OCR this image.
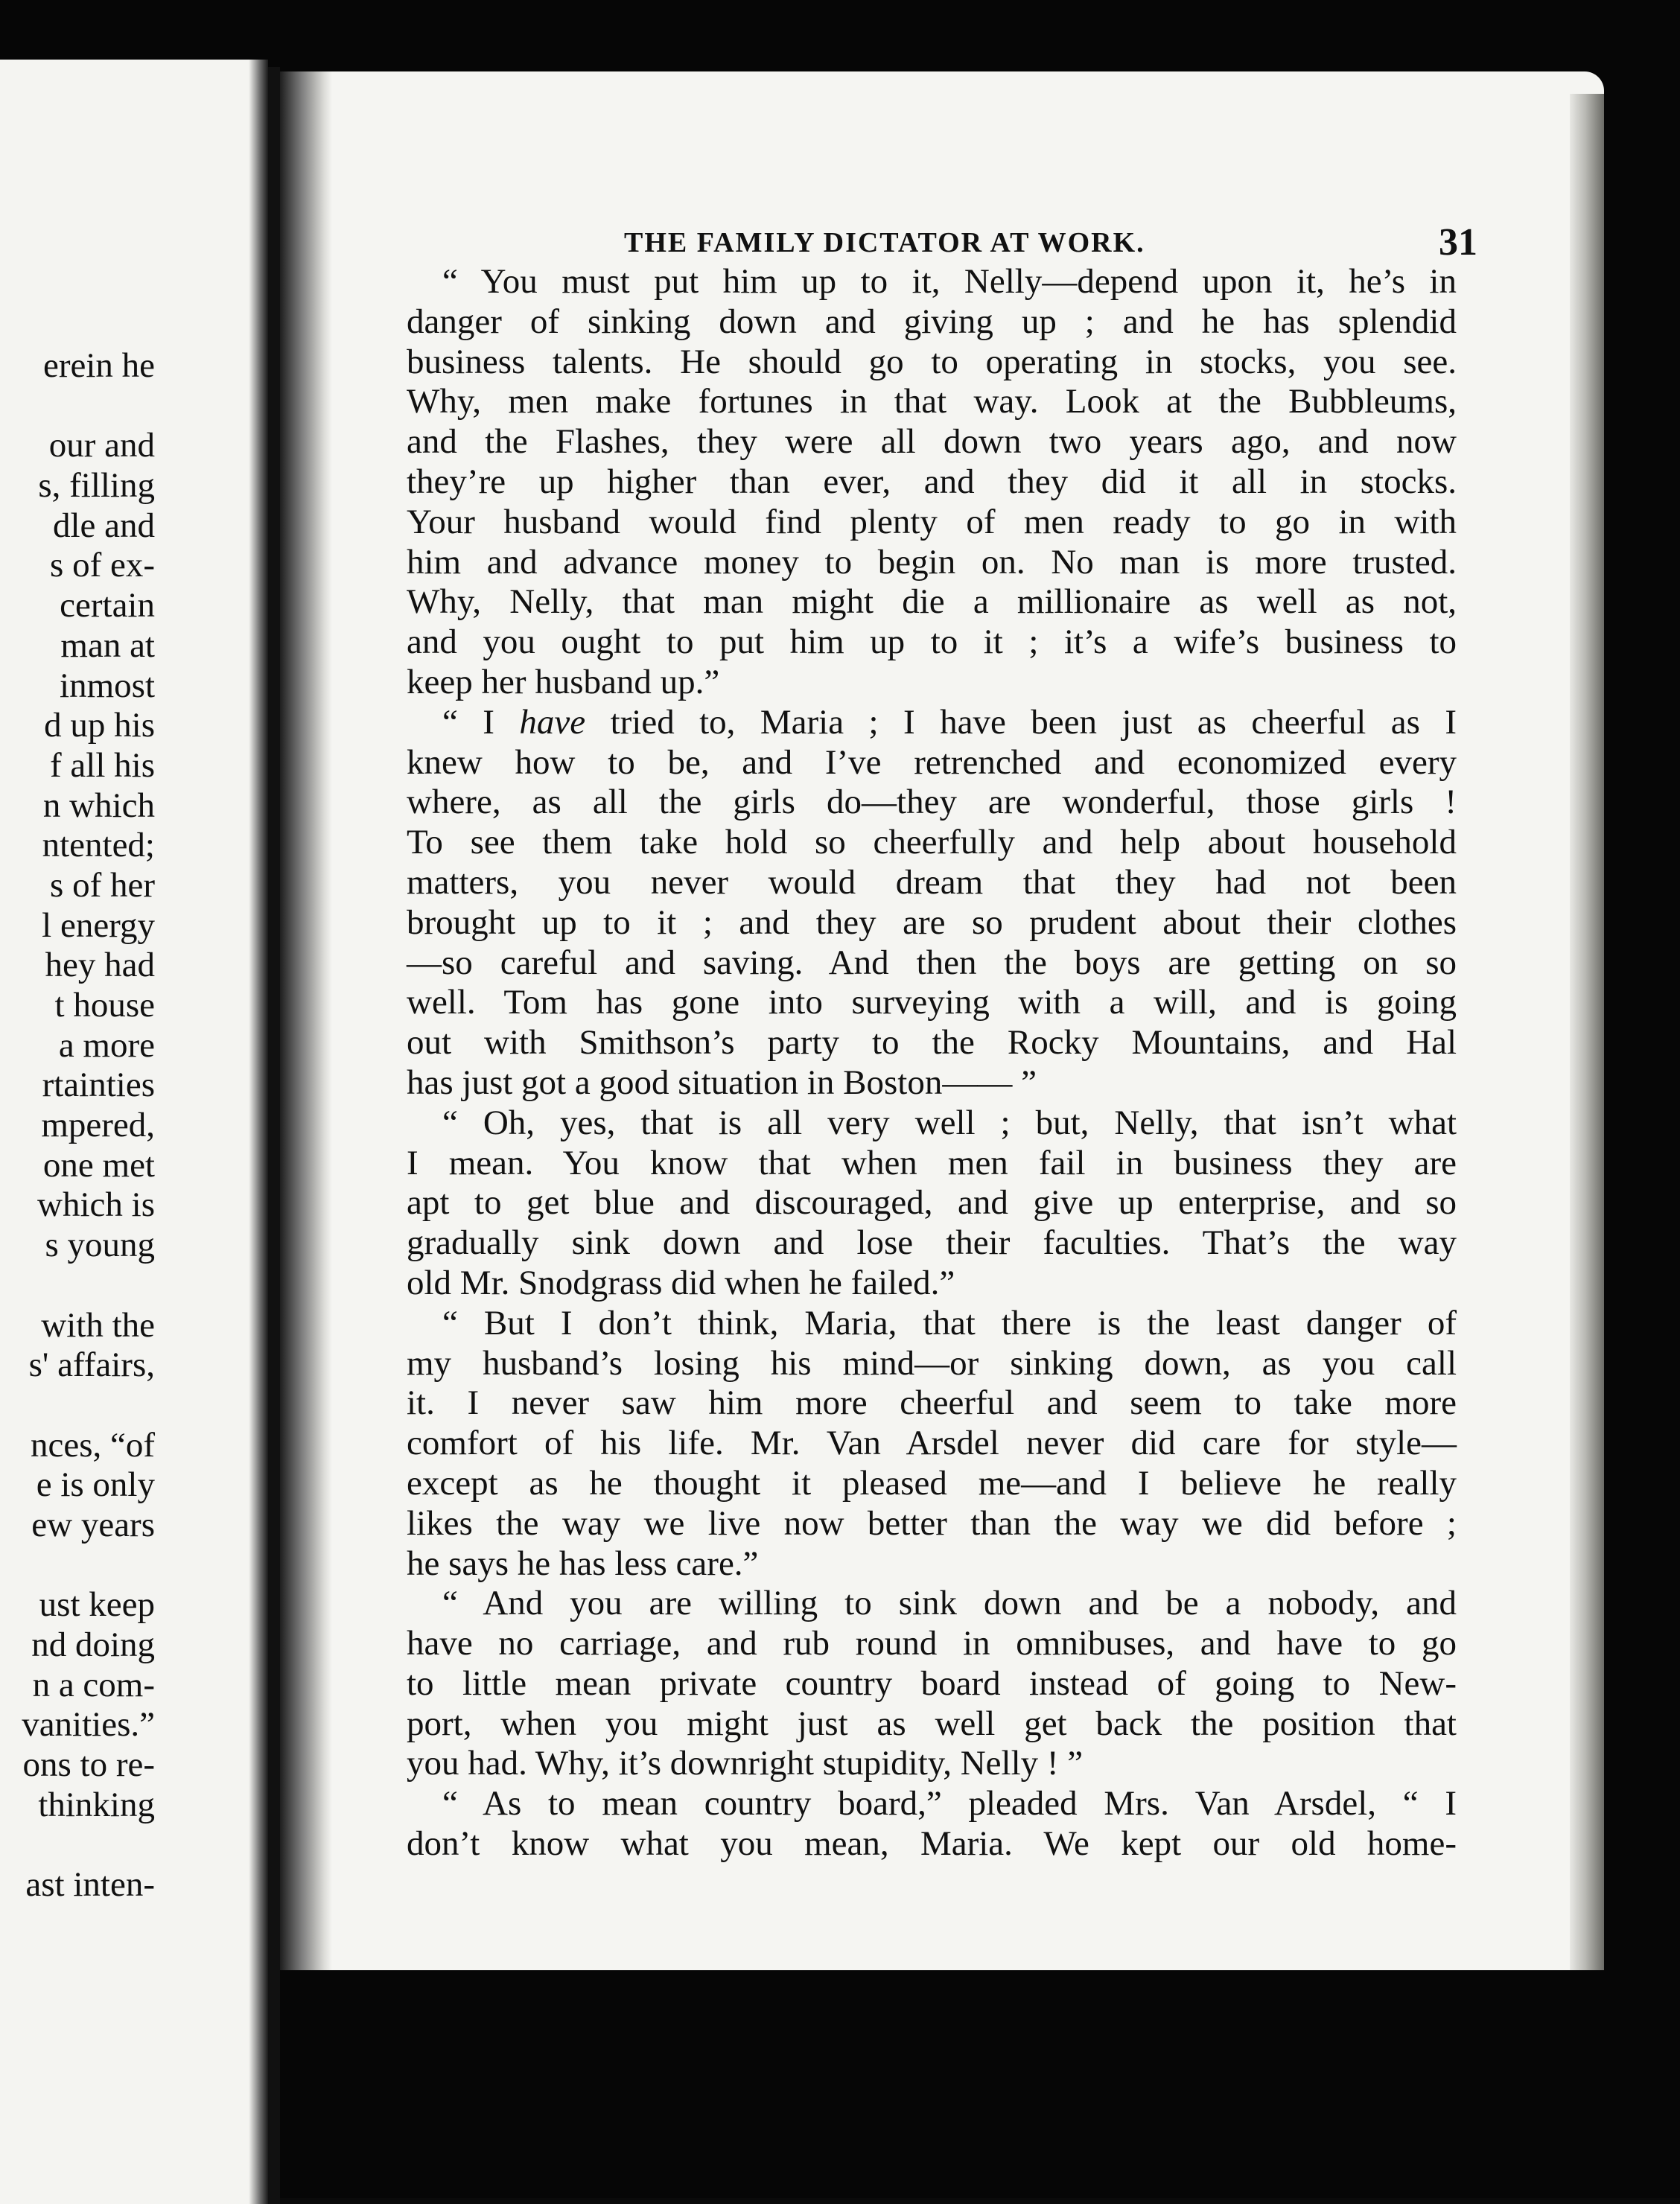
erein he
our and
s, filling
dle and
s of ex-
certain
man at
inmost
d up his
f all his
n which
ntented;
s of her
l energy
hey had
t house
a more
rtainties
mpered,
one met
which is
s young
with the
s' affairs,
nces, “of
e is only
ew years
ust keep
nd doing
n a com-
vanities.”
ons to re-
thinking
ast inten-
THE FAMILY DICTATOR AT WORK.	31
“ You must put him up to it, Nelly—depend upon it, he’s in
danger of sinking down and giving up ; and he has splendid
business talents. He should go to operating in stocks, you see.
Why, men make fortunes in that way. Look at the Bubbleums,
and the Flashes, they were all down two years ago, and now
they’re up higher than ever, and they did it all in stocks.
Your husband would find plenty of men ready to go in with
him and advance money to begin on. No man is more trusted.
Why, Nelly, that man might die a millionaire as well as not,
and you ought to put him up to it ; it’s a wife’s business to
keep her husband up.”
“ I have tried to, Maria ; I have been just as cheerful as I
knew how to be, and I’ve retrenched and economized every
where, as all the girls do—they are wonderful, those girls !
To see them take hold so cheerfully and help about household
matters, you never would dream that they had not been
brought up to it ; and they are so prudent about their clothes
—so careful and saving. And then the boys are getting on so
well. Tom has gone into surveying with a will, and is going
out with Smithson’s party to the Rocky Mountains, and Hal
has just got a good situation in Boston—— ”
“ Oh, yes, that is all very well ; but, Nelly, that isn’t what
I mean. You know that when men fail in business they are
apt to get blue and discouraged, and give up enterprise, and so
gradually sink down and lose their faculties. That’s the way
old Mr. Snodgrass did when he failed.”
“ But I don’t think, Maria, that there is the least danger of
my husband’s losing his mind—or sinking down, as you call
it. I never saw him more cheerful and seem to take more
comfort of his life. Mr. Van Arsdel never did care for style—
except as he thought it pleased me—and I believe he really
likes the way we live now better than the way we did before ;
he says he has less care.”
“ And you are willing to sink down and be a nobody, and
have no carriage, and rub round in omnibuses, and have to go
to little mean private country board instead of going to New-
port, when you might just as well get back the position that
you had. Why, it’s downright stupidity, Nelly ! ”
“ As to mean country board,” pleaded Mrs. Van Arsdel, “ I
don’t know what you mean, Maria. We kept our old home-
